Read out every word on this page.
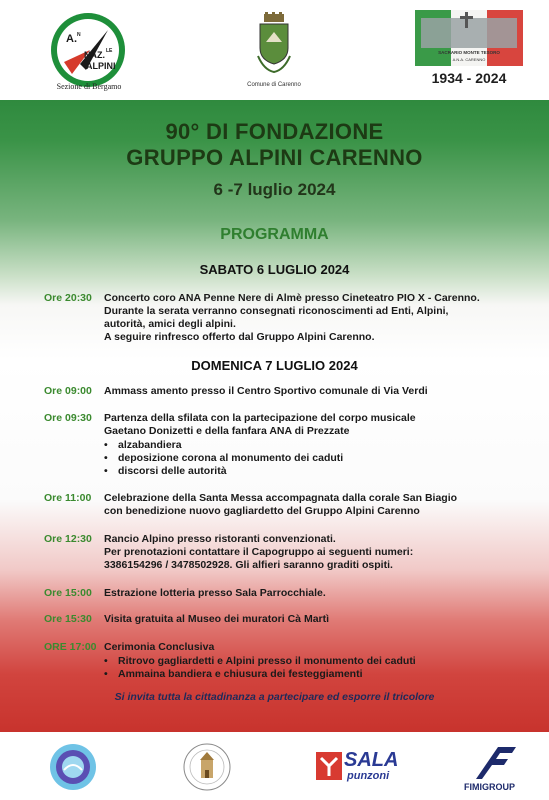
A. N
NAZ. LE
ALPINI
Sezione di Bergamo	Comune di Carenno
SACRARIO MONTE TESORO
A.N.A. CARENNO
1934 - 2024
90° DI FONDAZIONE
GRUPPO ALPINI CARENNO
6 -7 luglio 2024
PROGRAMMA
SABATO 6 LUGLIO 2024
Ore 20:30 Concerto coro ANA Penne Nere di Almè presso Cineteatro PIO X - Carenno.
Durante la serata verranno consegnati riconoscimenti ad Enti, Alpini,
autorità, amici degli alpini.
A seguire rinfresco offerto dal Gruppo Alpini Carenno.
DOMENICA 7 LUGLIO 2024
Ore 09:00 Ammass amento presso il Centro Sportivo comunale di Via Verdi
Ore 09:30 Partenza della sfilata con la partecipazione del corpo musicale
Gaetano Donizetti e della fanfara ANA di Prezzate
• alzabandiera
• deposizione corona al monumento dei caduti
• discorsi delle autorità
Ore 11:00 Celebrazione della Santa Messa accompagnata dalla corale San Biagio
con benedizione nuovo gagliardetto del Gruppo Alpini Carenno
Ore 12:30 Rancio Alpino presso ristoranti convenzionati.
Per prenotazioni contattare il Capogruppo ai seguenti numeri:
3386154296 / 3478502928. Gli alfieri saranno graditi ospiti.
Ore 15:00 Estrazione lotteria presso Sala Parrocchiale.
Ore 15:30 Visita gratuita al Museo dei muratori Cà Martì
ORE 17:00 Cerimonia Conclusiva
• Ritrovo gagliardetti e Alpini presso il monumento dei caduti
• Ammaina bandiera e chiusura dei festeggiamenti
Si invita tutta la cittadinanza a partecipare ed esporre il tricolore
SALA
punzoni
FIMIGROUP
